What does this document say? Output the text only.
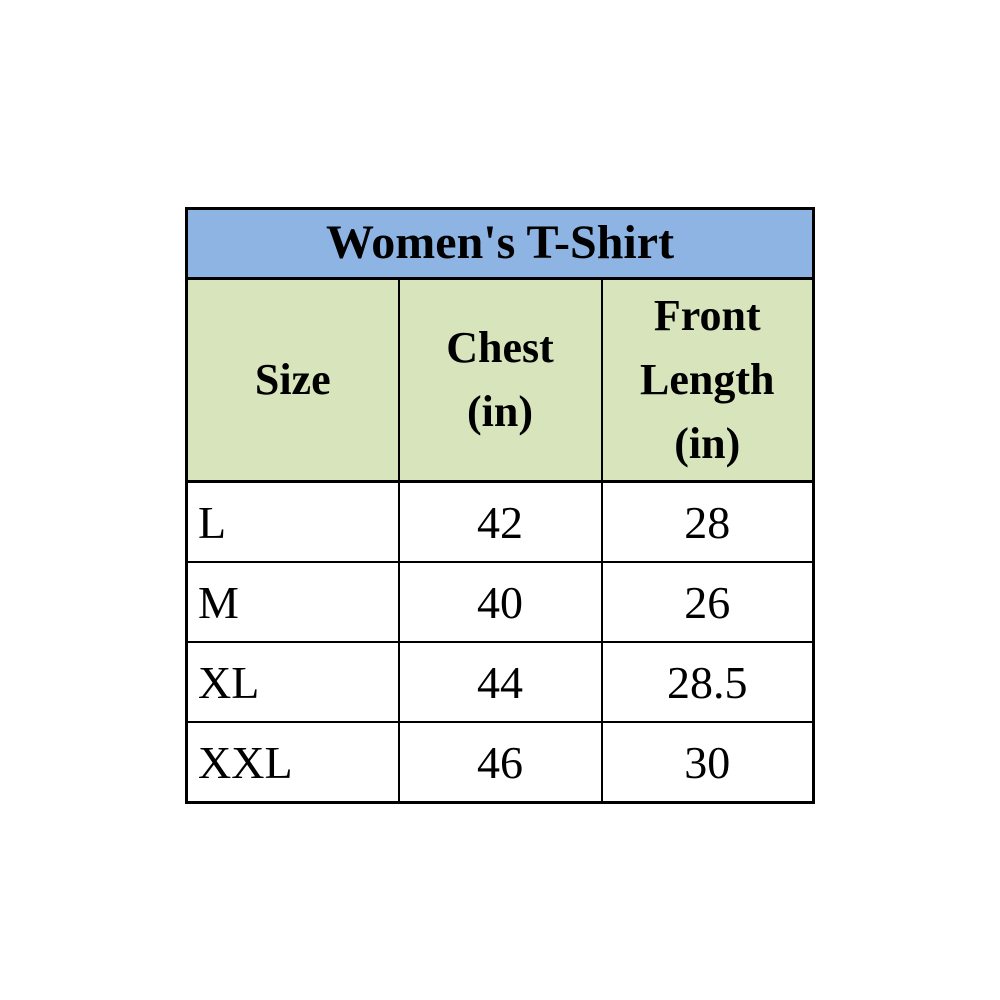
Women's T-Shirt		
Size	Chest (in)	Front Length (in)
L	42	28
M	40	26
XL	44	28.5
XXL	46	30
